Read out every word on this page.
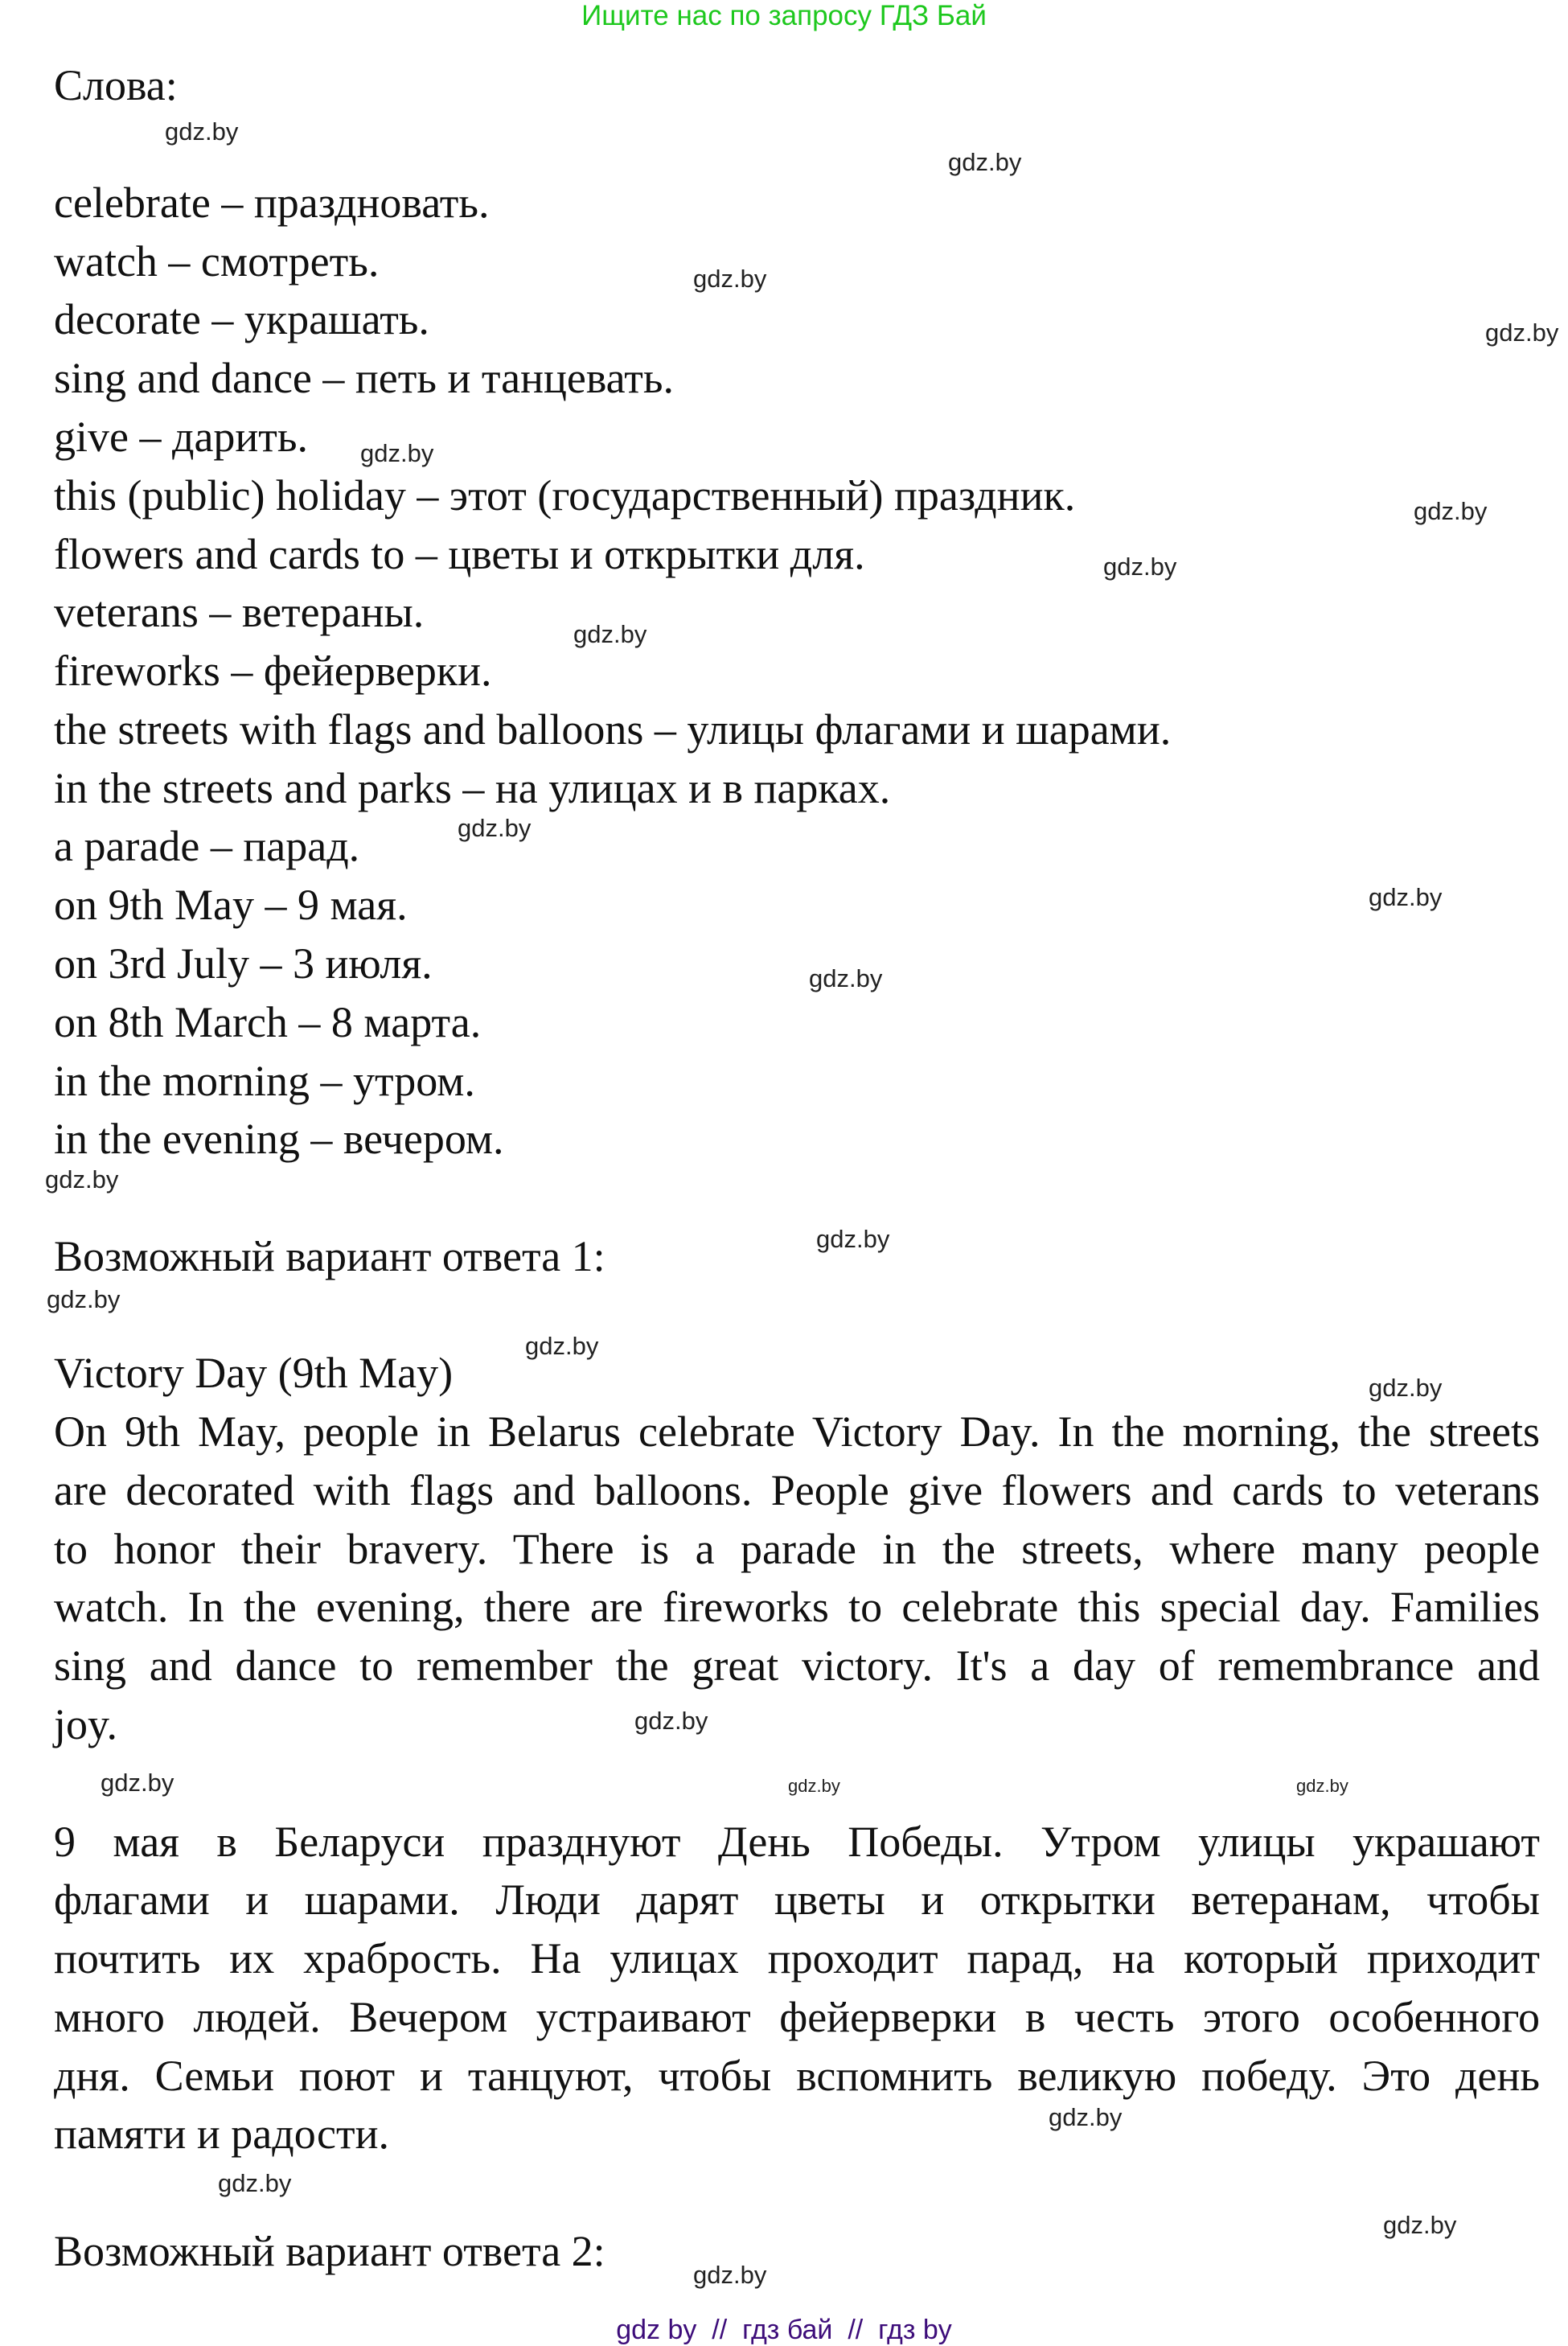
Ищите нас по запросу ГДЗ Бай
Слова:
celebrate – праздновать.
watch – смотреть.
decorate – украшать.
sing and dance – петь и танцевать.
give – дарить.
this (public) holiday – этот (государственный) праздник.
flowers and cards to – цветы и открытки для.
veterans – ветераны.
fireworks – фейерверки.
the streets with flags and balloons – улицы флагами и шарами.
in the streets and parks – на улицах и в парках.
a parade – парад.
on 9th May – 9 мая.
on 3rd July – 3 июля.
on 8th March – 8 марта.
in the morning – утром.
in the evening – вечером.
Возможный вариант ответа 1:
Victory Day (9th May)
On 9th May, people in Belarus celebrate Victory Day. In the morning, the streets
are decorated with flags and balloons. People give flowers and cards to veterans
to honor their bravery. There is a parade in the streets, where many people
watch. In the evening, there are fireworks to celebrate this special day. Families
sing and dance to remember the great victory. It's a day of remembrance and
joy.
9 мая в Беларуси празднуют День Победы. Утром улицы украшают
флагами и шарами. Люди дарят цветы и открытки ветеранам, чтобы
почтить их храбрость. На улицах проходит парад, на который приходит
много людей. Вечером устраивают фейерверки в честь этого особенного
дня. Семьи поют и танцуют, чтобы вспомнить великую победу. Это день
памяти и радости.
Возможный вариант ответа 2:
gdz.by
gdz.by
gdz.by
gdz.by
gdz.by
gdz.by
gdz.by
gdz.by
gdz.by
gdz.by
gdz.by
gdz.by
gdz.by
gdz.by
gdz.by
gdz.by
gdz.by
gdz.by	gdz.by	gdz.by
gdz.by
gdz.by
gdz.by
gdz.by
gdz by  //  гдз бай  //  гдз by
